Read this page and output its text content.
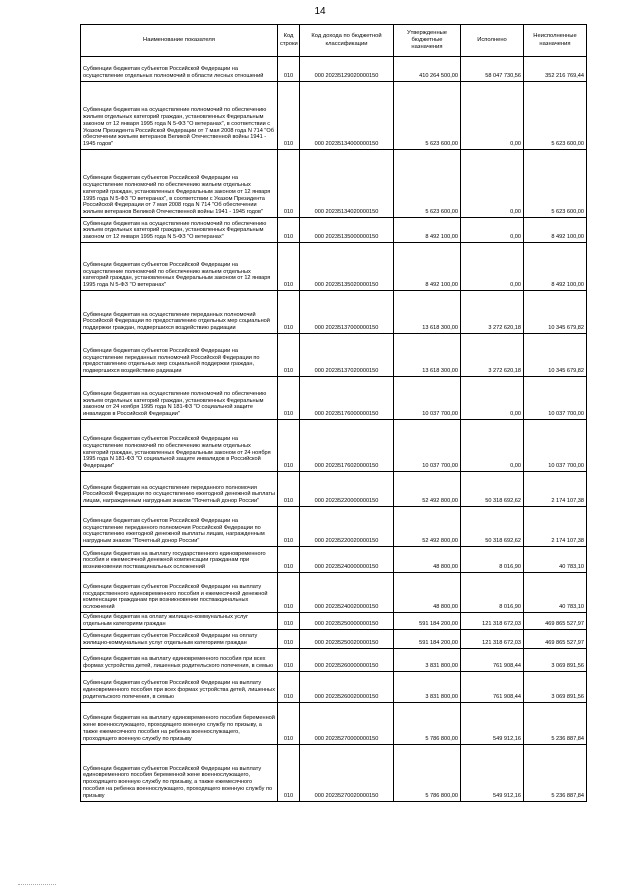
14
Наименование показателя	Код строки	Код дохода по бюджетной классификации	Утвержденные бюджетные назначения	Исполнено	Неисполненные назначения
Субвенции бюджетам субъектов Российской Федерации на осуществление отдельных полномочий в области лесных отношений	010	000 20235129020000150	410 264 500,00	58 047 730,56	352 216 769,44
Субвенции бюджетам на осуществление полномочий по обеспечению жильем отдельных категорий граждан, установленных Федеральным законом от 12 января 1995 года N 5-ФЗ "О ветеранах", в соответствии с Указом Президента Российской Федерации от 7 мая 2008 года N 714 "Об обеспечении жильем ветеранов Великой Отечественной войны 1941 - 1945 годов"	010	000 20235134000000150	5 623 600,00	0,00	5 623 600,00
Субвенции бюджетам субъектов Российской Федерации на осуществление полномочий по обеспечению жильем отдельных категорий граждан, установленных Федеральным законом от 12 января 1995 года N 5-ФЗ "О ветеранах", в соответствии с Указом Президента Российской Федерации от 7 мая 2008 года N 714 "Об обеспечении жильем ветеранов Великой Отечественной войны 1941 - 1945 годов"	010	000 20235134020000150	5 623 600,00	0,00	5 623 600,00
Субвенции бюджетам на осуществление полномочий по обеспечению жильем отдельных категорий граждан, установленных Федеральным законом от 12 января 1995 года N 5-ФЗ "О ветеранах"	010	000 20235135000000150	8 492 100,00	0,00	8 492 100,00
Субвенции бюджетам субъектов Российской Федерации на осуществление полномочий по обеспечению жильем отдельных категорий граждан, установленных Федеральным законом от 12 января 1995 года N 5-ФЗ "О ветеранах"	010	000 20235135020000150	8 492 100,00	0,00	8 492 100,00
Субвенции бюджетам на осуществление переданных полномочий Российской Федерации по предоставлению отдельных мер социальной поддержки граждан, подвергшихся воздействию радиации	010	000 20235137000000150	13 618 300,00	3 272 620,18	10 345 679,82
Субвенции бюджетам субъектов Российской Федерации на осуществление переданных полномочий Российской Федерации по предоставлению отдельных мер социальной поддержки граждан, подвергшихся воздействию радиации	010	000 20235137020000150	13 618 300,00	3 272 620,18	10 345 679,82
Субвенции бюджетам на осуществление полномочий по обеспечению жильем отдельных категорий граждан, установленных Федеральным законом от 24 ноября 1995 года N 181-ФЗ "О социальной защите инвалидов в Российской Федерации"	010	000 20235176000000150	10 037 700,00	0,00	10 037 700,00
Субвенции бюджетам субъектов Российской Федерации на осуществление полномочий по обеспечению жильем отдельных категорий граждан, установленных Федеральным законом от 24 ноября 1995 года N 181-ФЗ "О социальной защите инвалидов в Российской Федерации"	010	000 20235176020000150	10 037 700,00	0,00	10 037 700,00
Субвенции бюджетам на осуществление переданного полномочия Российской Федерации по осуществлению ежегодной денежной выплаты лицам, награжденным нагрудным знаком "Почетный донор России"	010	000 20235220000000150	52 492 800,00	50 318 692,62	2 174 107,38
Субвенции бюджетам субъектов Российской Федерации на осуществление переданного полномочия Российской Федерации по осуществлению ежегодной денежной выплаты лицам, награжденным нагрудным знаком "Почетный донор России"	010	000 20235220020000150	52 492 800,00	50 318 692,62	2 174 107,38
Субвенции бюджетам на выплату государственного единовременного пособия и ежемесячной денежной компенсации гражданам при возникновении поствакцинальных осложнений	010	000 20235240000000150	48 800,00	8 016,90	40 783,10
Субвенции бюджетам субъектов Российской Федерации на выплату государственного единовременного пособия и ежемесячной денежной компенсации гражданам при возникновении поствакцинальных осложнений	010	000 20235240020000150	48 800,00	8 016,90	40 783,10
Субвенции бюджетам на оплату жилищно-коммунальных услуг отдельным категориям граждан	010	000 20235250000000150	591 184 200,00	121 318 672,03	469 865 527,97
Субвенции бюджетам субъектов Российской Федерации на оплату жилищно-коммунальных услуг отдельным категориям граждан	010	000 20235250020000150	591 184 200,00	121 318 672,03	469 865 527,97
Субвенции бюджетам на выплату единовременного пособия при всех формах устройства детей, лишенных родительского попечения, в семью	010	000 20235260000000150	3 831 800,00	761 908,44	3 069 891,56
Субвенции бюджетам субъектов Российской Федерации на выплату единовременного пособия при всех формах устройства детей, лишенных родительского попечения, в семью	010	000 20235260020000150	3 831 800,00	761 908,44	3 069 891,56
Субвенции бюджетам на выплату единовременного пособия беременной жене военнослужащего, проходящего военную службу по призыву, а также ежемесячного пособия на ребенка военнослужащего, проходящего военную службу по призыву	010	000 20235270000000150	5 786 800,00	549 912,16	5 236 887,84
Субвенции бюджетам субъектов Российской Федерации на выплату единовременного пособия беременной жене военнослужащего, проходящего военную службу по призыву, а также ежемесячного пособия на ребенка военнослужащего, проходящего военную службу по призыву	010	000 20235270020000150	5 786 800,00	549 912,16	5 236 887,84
